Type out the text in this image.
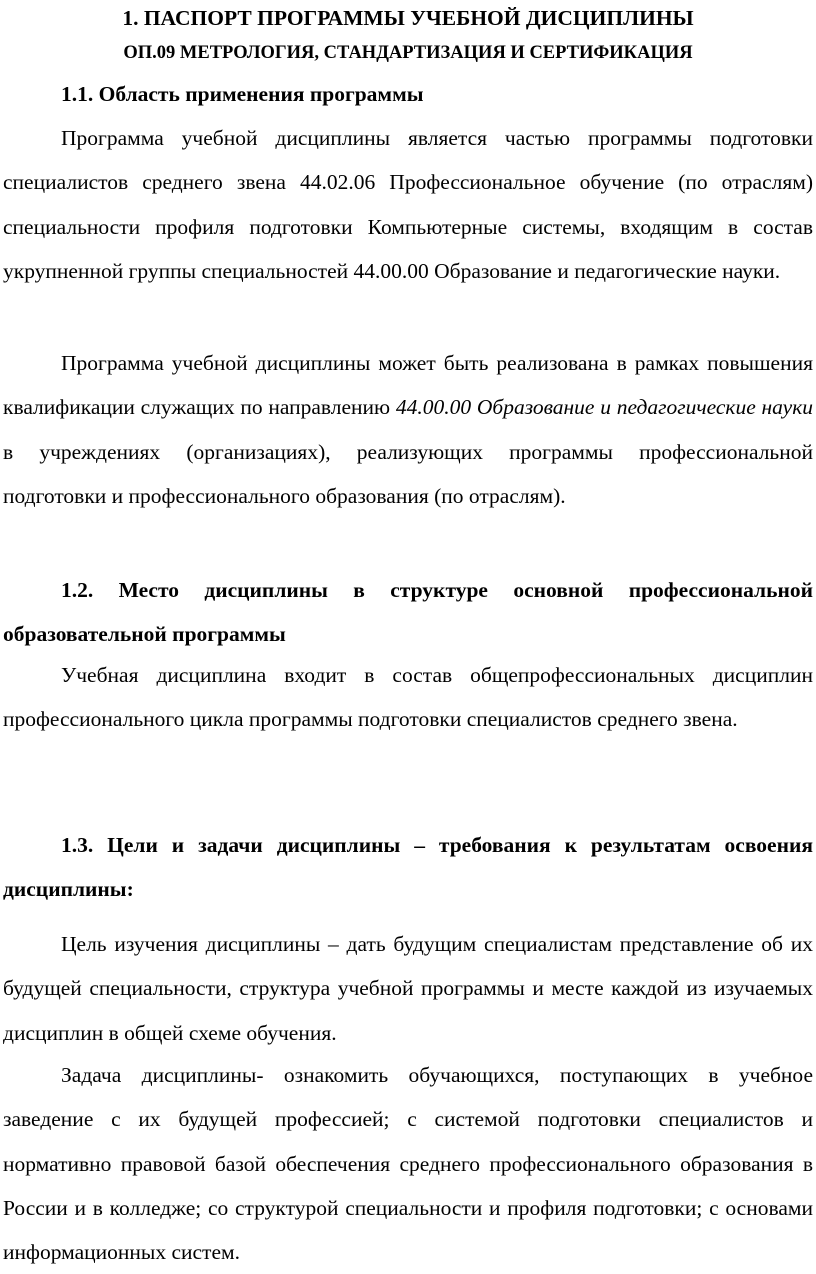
1. ПАСПОРТ ПРОГРАММЫ УЧЕБНОЙ ДИСЦИПЛИНЫ
ОП.09 МЕТРОЛОГИЯ, СТАНДАРТИЗАЦИЯ И СЕРТИФИКАЦИЯ
1.1. Область применения программы
Программа учебной дисциплины является частью программы подготовки специалистов среднего звена 44.02.06 Профессиональное обучение (по отраслям) специальности профиля подготовки Компьютерные системы, входящим в состав укрупненной группы специальностей 44.00.00 Образование и педагогические науки.
Программа учебной дисциплины может быть реализована в рамках повышения квалификации служащих по направлению 44.00.00 Образование и педагогические науки в учреждениях (организациях), реализующих программы профессиональной подготовки и профессионального образования (по отраслям).
1.2. Место дисциплины в структуре основной профессиональной образовательной программы
Учебная дисциплина входит в состав общепрофессиональных дисциплин профессионального цикла программы подготовки специалистов среднего звена.
1.3. Цели и задачи дисциплины – требования к результатам освоения дисциплины:
Цель изучения дисциплины – дать будущим специалистам представление об их будущей специальности, структура учебной программы и месте каждой из изучаемых дисциплин в общей схеме обучения.
Задача дисциплины- ознакомить обучающихся, поступающих в учебное заведение с их будущей профессией; с системой подготовки специалистов и нормативно правовой базой обеспечения среднего профессионального образования в России и в колледже; со структурой специальности и профиля подготовки; с основами информационных систем.
